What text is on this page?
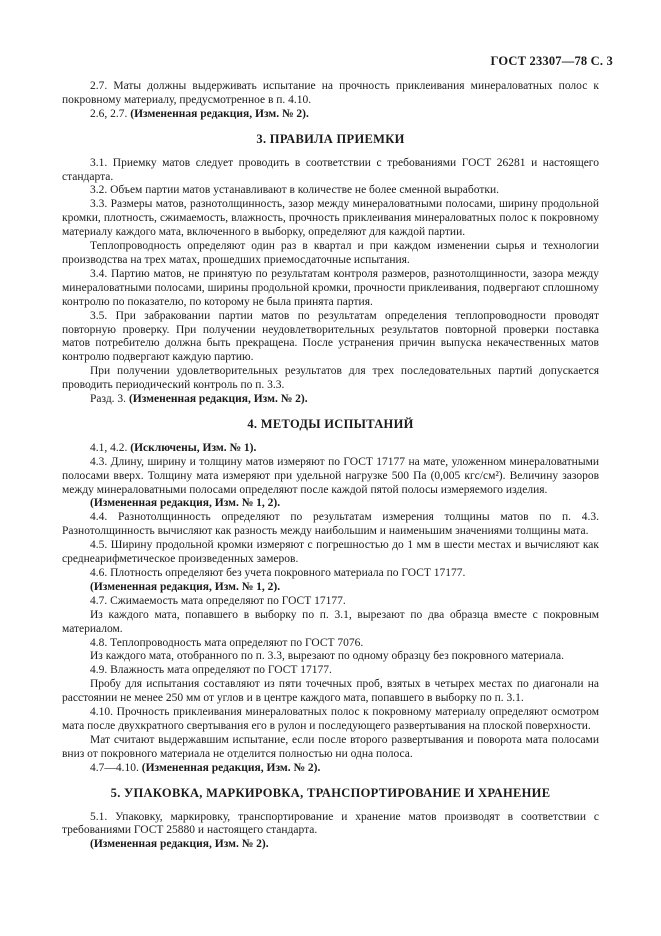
ГОСТ 23307—78 С. 3

2.7. Маты должны выдерживать испытание на прочность приклеивания минераловатных полос к покровному материалу, предусмотренное в п. 4.10.

2.6, 2.7. (Измененная редакция, Изм. № 2).

3. ПРАВИЛА ПРИЕМКИ

3.1. Приемку матов следует проводить в соответствии с требованиями ГОСТ 26281 и настоящего стандарта.

3.2. Объем партии матов устанавливают в количестве не более сменной выработки.

3.3. Размеры матов, разнотолщинность, зазор между минераловатными полосами, ширину продольной кромки, плотность, сжимаемость, влажность, прочность приклеивания минераловатных полос к покровному материалу каждого мата, включенного в выборку, определяют для каждой партии.

Теплопроводность определяют один раз в квартал и при каждом изменении сырья и технологии производства на трех матах, прошедших приемосдаточные испытания.

3.4. Партию матов, не принятую по результатам контроля размеров, разнотолщинности, зазора между минераловатными полосами, ширины продольной кромки, прочности приклеивания, подвергают сплошному контролю по показателю, по которому не была принята партия.

3.5. При забраковании партии матов по результатам определения теплопроводности проводят повторную проверку. При получении неудовлетворительных результатов повторной проверки поставка матов потребителю должна быть прекращена. После устранения причин выпуска некачественных матов контролю подвергают каждую партию.

При получении удовлетворительных результатов для трех последовательных партий допускается проводить периодический контроль по п. 3.3.

Разд. 3. (Измененная редакция, Изм. № 2).

4. МЕТОДЫ ИСПЫТАНИЙ

4.1, 4.2. (Исключены, Изм. № 1).

4.3. Длину, ширину и толщину матов измеряют по ГОСТ 17177 на мате, уложенном минераловатными полосами вверх. Толщину мата измеряют при удельной нагрузке 500 Па (0,005 кгс/см²). Величину зазоров между минераловатными полосами определяют после каждой пятой полосы измеряемого изделия.

(Измененная редакция, Изм. № 1, 2).

4.4. Разнотолщинность определяют по результатам измерения толщины матов по п. 4.3. Разнотолщинность вычисляют как разность между наибольшим и наименьшим значениями толщины мата.

4.5. Ширину продольной кромки измеряют с погрешностью до 1 мм в шести местах и вычисляют как среднеарифметическое произведенных замеров.

4.6. Плотность определяют без учета покровного материала по ГОСТ 17177.

(Измененная редакция, Изм. № 1, 2).

4.7. Сжимаемость мата определяют по ГОСТ 17177.

Из каждого мата, попавшего в выборку по п. 3.1, вырезают по два образца вместе с покровным материалом.

4.8. Теплопроводность мата определяют по ГОСТ 7076.

Из каждого мата, отобранного по п. 3.3, вырезают по одному образцу без покровного материала.

4.9. Влажность мата определяют по ГОСТ 17177.

Пробу для испытания составляют из пяти точечных проб, взятых в четырех местах по диагонали на расстоянии не менее 250 мм от углов и в центре каждого мата, попавшего в выборку по п. 3.1.

4.10. Прочность приклеивания минераловатных полос к покровному материалу определяют осмотром мата после двухкратного свертывания его в рулон и последующего развертывания на плоской поверхности.

Мат считают выдержавшим испытание, если после второго развертывания и поворота мата полосами вниз от покровного материала не отделится полностью ни одна полоса.

4.7—4.10. (Измененная редакция, Изм. № 2).

5. УПАКОВКА, МАРКИРОВКА, ТРАНСПОРТИРОВАНИЕ И ХРАНЕНИЕ

5.1. Упаковку, маркировку, транспортирование и хранение матов производят в соответствии с требованиями ГОСТ 25880 и настоящего стандарта.

(Измененная редакция, Изм. № 2).
